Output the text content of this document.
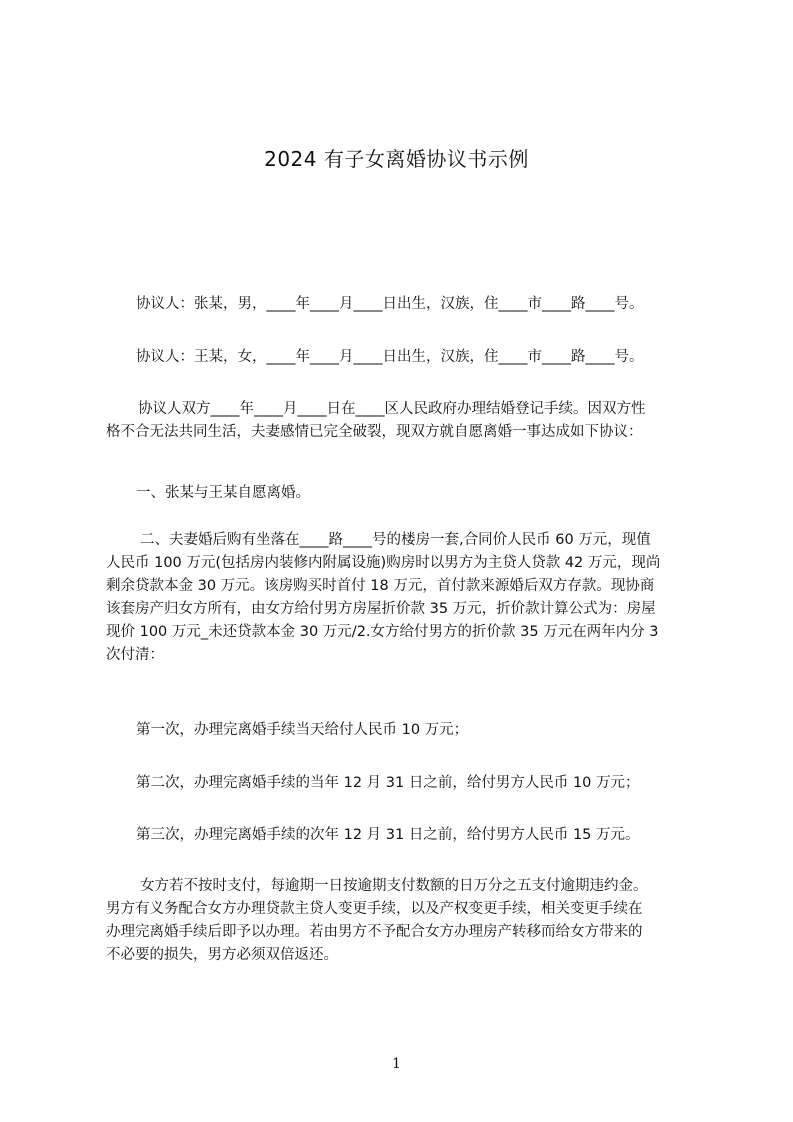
2024 有子女离婚协议书示例
协议人：张某，男，____年____月____日出生，汉族，住____市____路____号。
协议人：王某，女，____年____月____日出生，汉族，住____市____路____号。
协议人双方____年____月____日在____区人民政府办理结婚登记手续。因双方性
格不合无法共同生活，夫妻感情已完全破裂，现双方就自愿离婚一事达成如下协议：
一、张某与王某自愿离婚。
二、夫妻婚后购有坐落在____路____号的楼房一套,合同价人民币 60 万元，现值
人民币 100 万元(包括房内装修内附属设施)购房时以男方为主贷人贷款 42 万元，现尚
剩余贷款本金 30 万元。该房购买时首付 18 万元，首付款来源婚后双方存款。现协商
该套房产归女方所有，由女方给付男方房屋折价款 35 万元，折价款计算公式为：房屋
现价 100 万元_未还贷款本金 30 万元/2.女方给付男方的折价款 35 万元在两年内分 3
次付清：
第一次，办理完离婚手续当天给付人民币 10 万元；
第二次，办理完离婚手续的当年 12 月 31 日之前，给付男方人民币 10 万元；
第三次，办理完离婚手续的次年 12 月 31 日之前，给付男方人民币 15 万元。
女方若不按时支付，每逾期一日按逾期支付数额的日万分之五支付逾期违约金。
男方有义务配合女方办理贷款主贷人变更手续，以及产权变更手续，相关变更手续在
办理完离婚手续后即予以办理。若由男方不予配合女方办理房产转移而给女方带来的
不必要的损失，男方必须双倍返还。
1
